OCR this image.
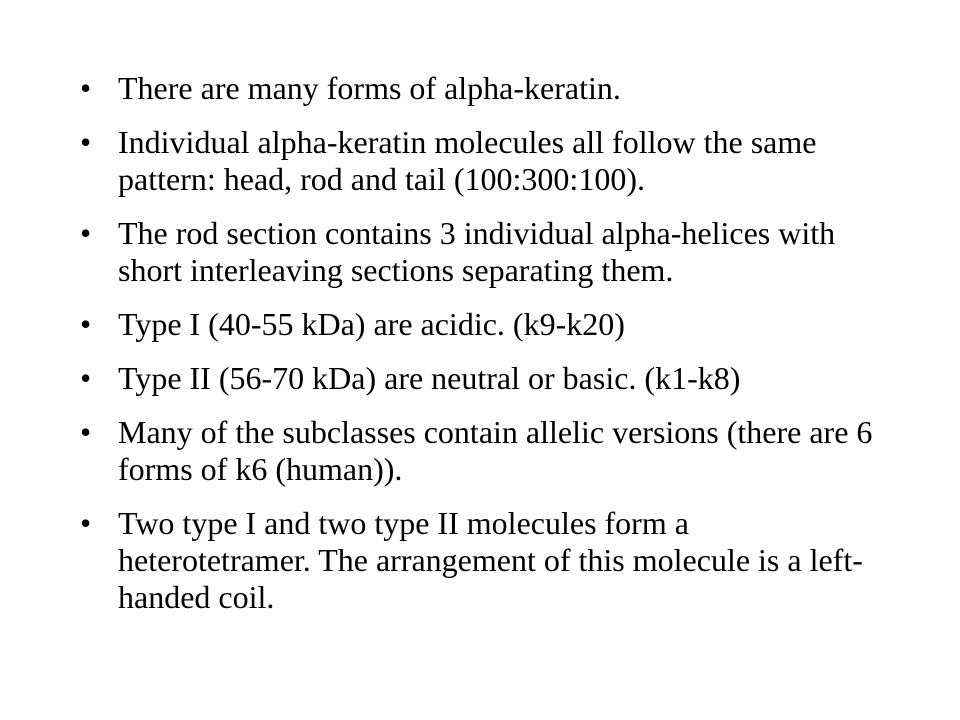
• There are many forms of alpha-keratin.
• Individual alpha-keratin molecules all follow the same pattern: head, rod and tail (100:300:100).
• The rod section contains 3 individual alpha-helices with short interleaving sections separating them.
• Type I (40-55 kDa) are acidic. (k9-k20)
• Type II (56-70 kDa) are neutral or basic. (k1-k8)
• Many of the subclasses contain allelic versions (there are 6 forms of k6 (human)).
• Two type I and two type II molecules form a heterotetramer. The arrangement of this molecule is a left-handed coil.
